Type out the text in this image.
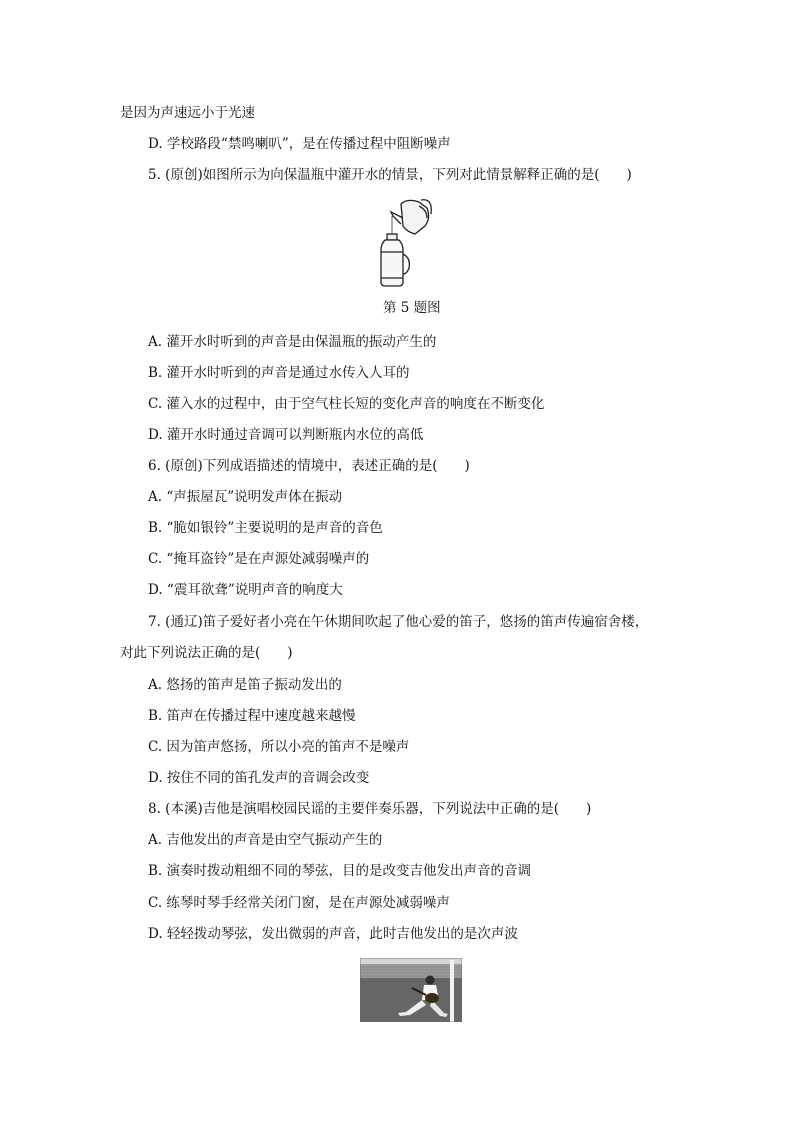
是因为声速远小于光速
D. 学校路段“禁鸣喇叭”，是在传播过程中阻断噪声
5. (原创)如图所示为向保温瓶中灌开水的情景，下列对此情景解释正确的是(　　)
第 5 题图
A. 灌开水时听到的声音是由保温瓶的振动产生的
B. 灌开水时听到的声音是通过水传入人耳的
C. 灌入水的过程中，由于空气柱长短的变化声音的响度在不断变化
D. 灌开水时通过音调可以判断瓶内水位的高低
6. (原创)下列成语描述的情境中，表述正确的是(　　)
A. “声振屋瓦”说明发声体在振动
B. “脆如银铃”主要说明的是声音的音色
C. “掩耳盗铃”是在声源处减弱噪声的
D. “震耳欲聋”说明声音的响度大
7. (通辽)笛子爱好者小亮在午休期间吹起了他心爱的笛子，悠扬的笛声传遍宿舍楼，
对此下列说法正确的是(　　)
A. 悠扬的笛声是笛子振动发出的
B. 笛声在传播过程中速度越来越慢
C. 因为笛声悠扬，所以小亮的笛声不是噪声
D. 按住不同的笛孔发声的音调会改变
8. (本溪)吉他是演唱校园民谣的主要伴奏乐器，下列说法中正确的是(　　)
A. 吉他发出的声音是由空气振动产生的
B. 演奏时拨动粗细不同的琴弦，目的是改变吉他发出声音的音调
C. 练琴时琴手经常关闭门窗，是在声源处减弱噪声
D. 轻轻拨动琴弦，发出微弱的声音，此时吉他发出的是次声波
